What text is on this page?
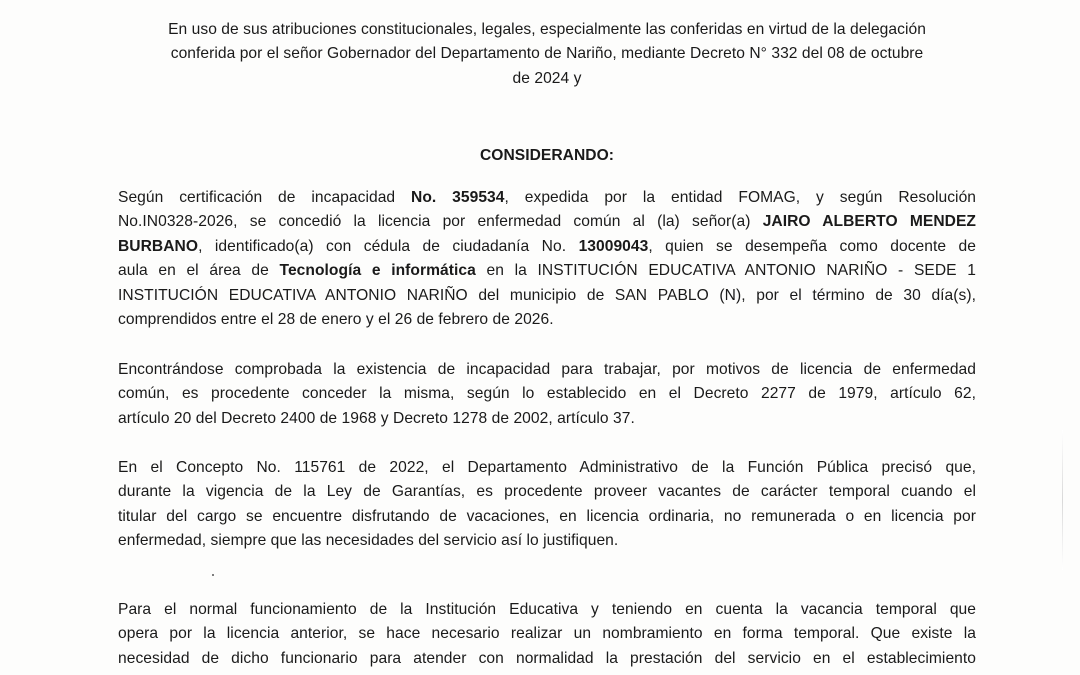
En uso de sus atribuciones constitucionales, legales, especialmente las conferidas en virtud de la delegación
conferida por el señor Gobernador del Departamento de Nariño, mediante Decreto N° 332 del 08 de octubre
de 2024 y
CONSIDERANDO:
Según certificación de incapacidad No. 359534, expedida por la entidad FOMAG, y según Resolución
No.IN0328-2026, se concedió la licencia por enfermedad común al (la) señor(a) JAIRO ALBERTO MENDEZ
BURBANO, identificado(a) con cédula de ciudadanía No. 13009043, quien se desempeña como docente de
aula en el área de Tecnología e informática en la INSTITUCIÓN EDUCATIVA ANTONIO NARIÑO - SEDE 1
INSTITUCIÓN EDUCATIVA ANTONIO NARIÑO del municipio de SAN PABLO (N), por el término de 30 día(s),
comprendidos entre el 28 de enero y el 26 de febrero de 2026.
Encontrándose comprobada la existencia de incapacidad para trabajar, por motivos de licencia de enfermedad
común, es procedente conceder la misma, según lo establecido en el Decreto 2277 de 1979, artículo 62,
artículo 20 del Decreto 2400 de 1968 y Decreto 1278 de 2002, artículo 37.
En el Concepto No. 115761 de 2022, el Departamento Administrativo de la Función Pública precisó que,
durante la vigencia de la Ley de Garantías, es procedente proveer vacantes de carácter temporal cuando el
titular del cargo se encuentre disfrutando de vacaciones, en licencia ordinaria, no remunerada o en licencia por
enfermedad, siempre que las necesidades del servicio así lo justifiquen.
Para el normal funcionamiento de la Institución Educativa y teniendo en cuenta la vacancia temporal que
opera por la licencia anterior, se hace necesario realizar un nombramiento en forma temporal. Que existe la
necesidad de dicho funcionario para atender con normalidad la prestación del servicio en el establecimiento
